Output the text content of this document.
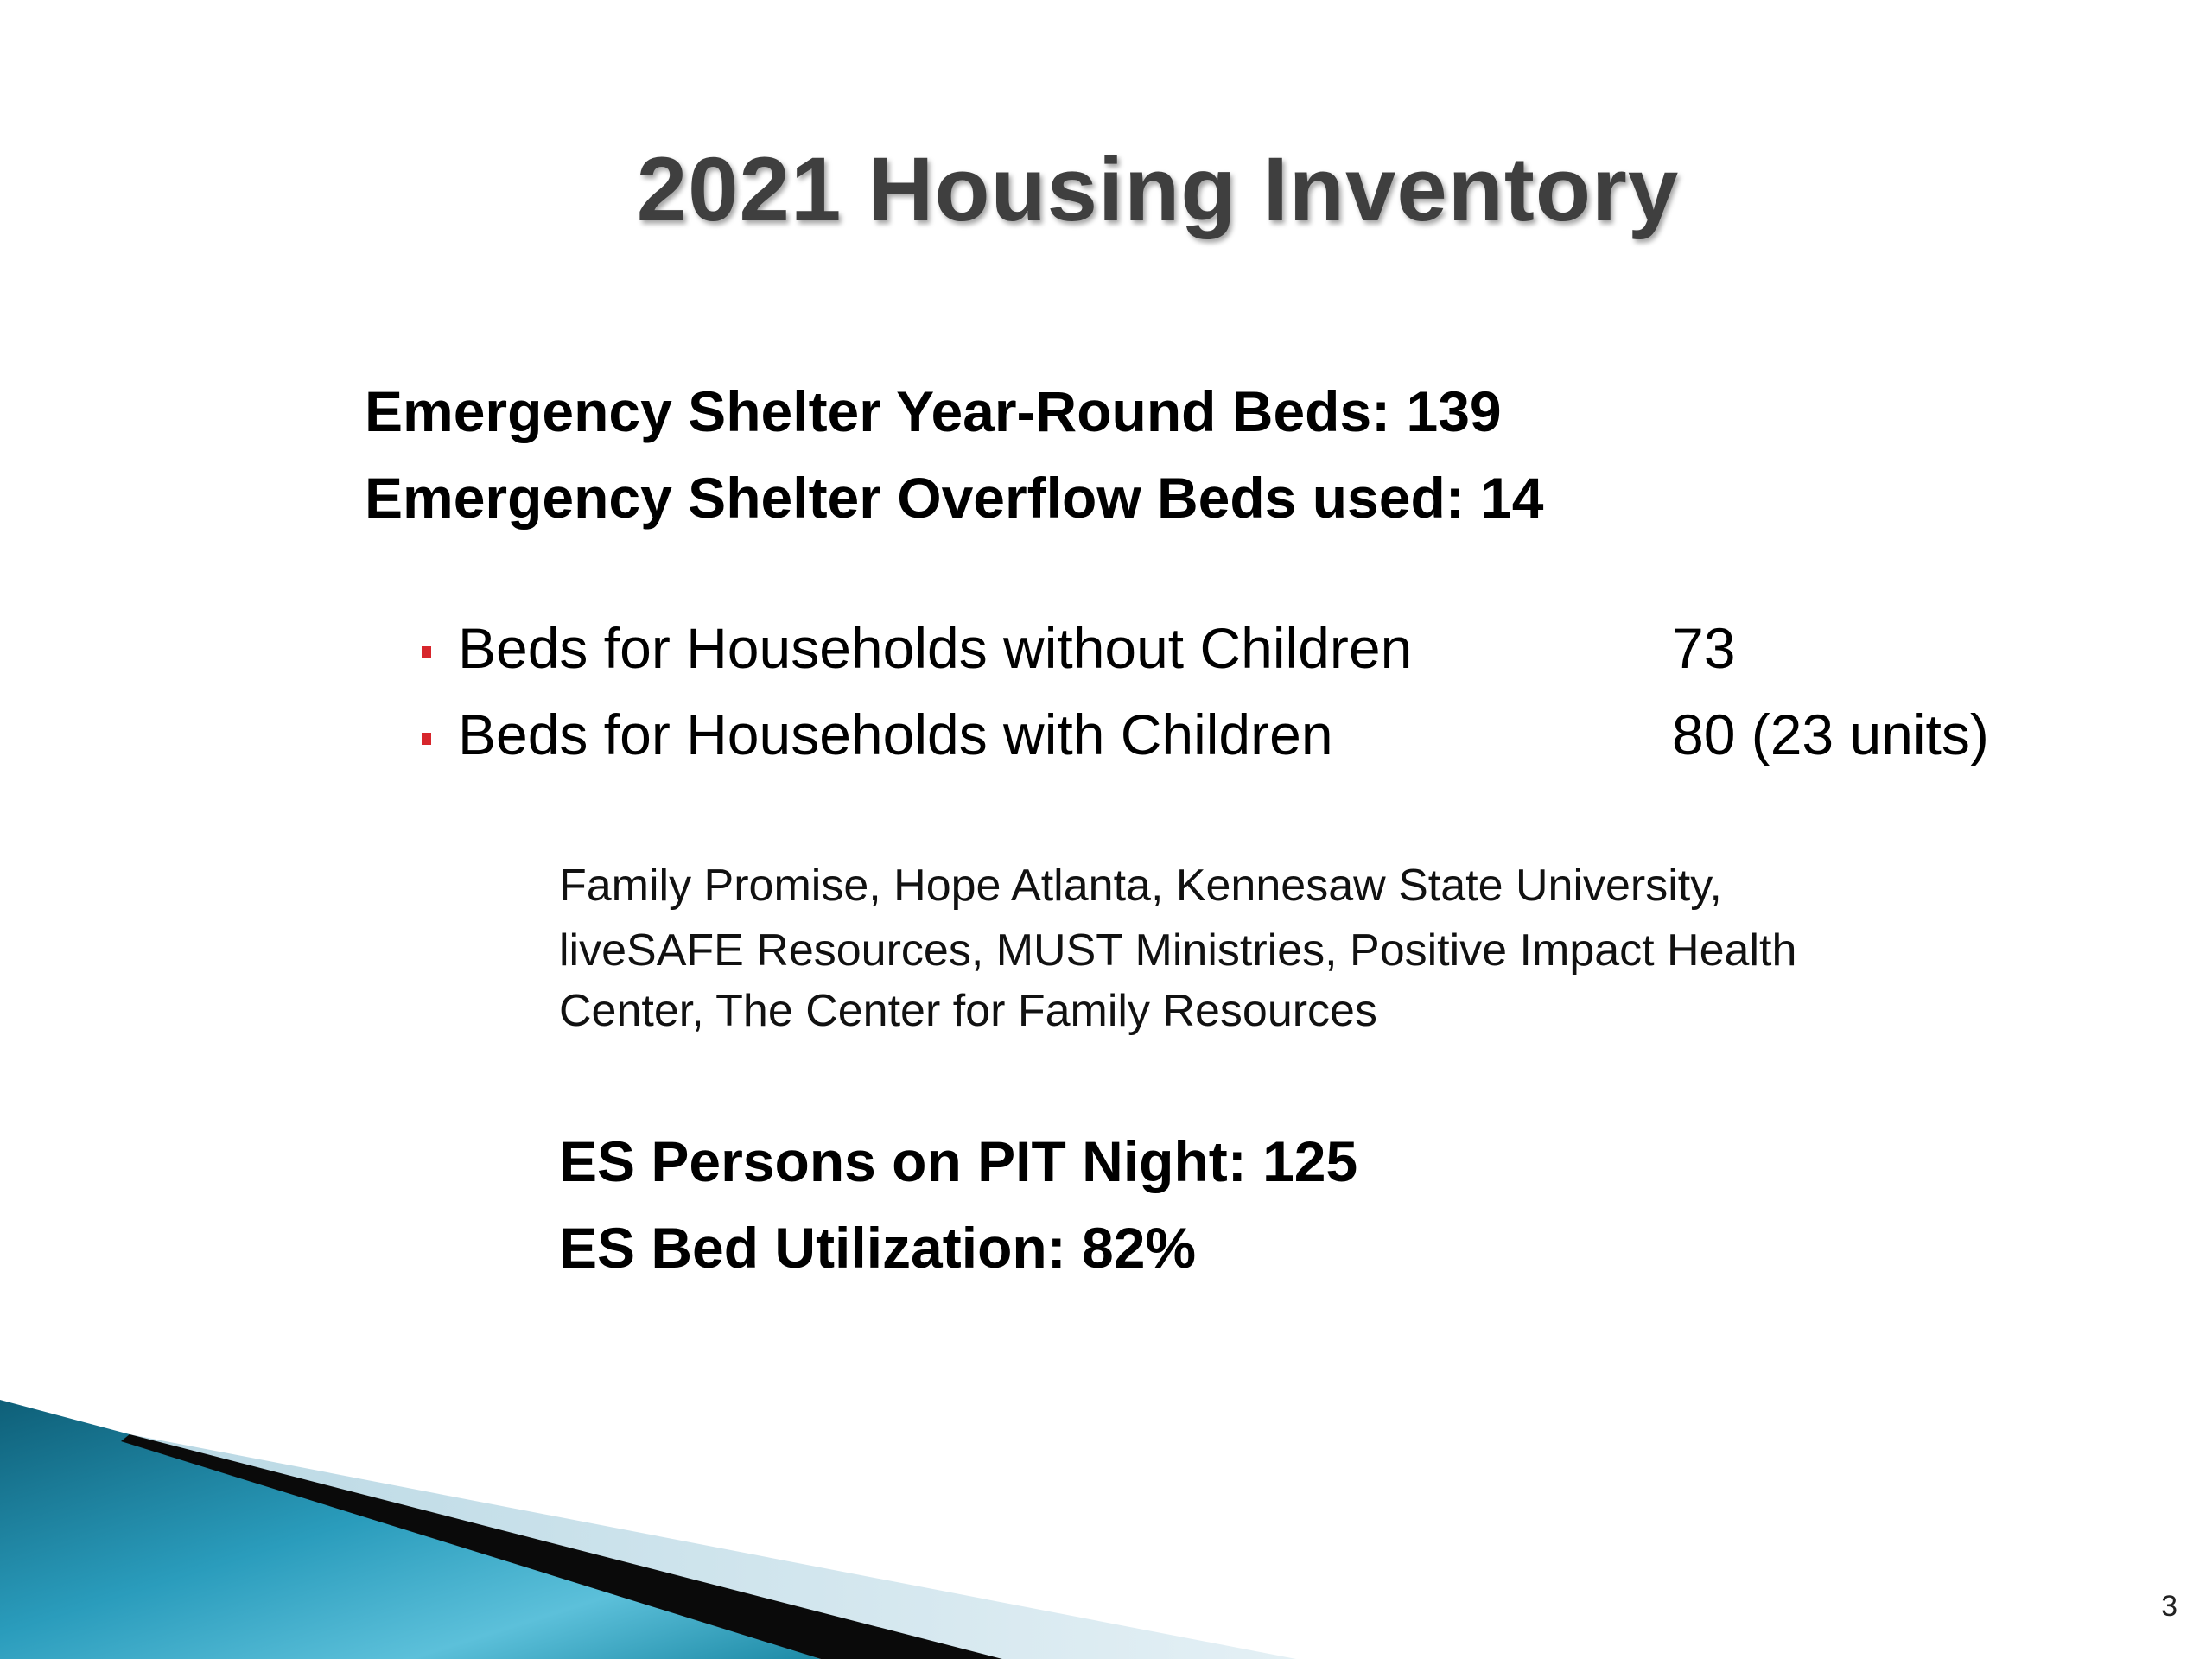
2021 Housing Inventory
Emergency Shelter Year-Round Beds: 139
Emergency Shelter Overflow Beds used: 14
Beds for Households without Children	73
Beds for Households with Children	80 (23 units)
Family Promise, Hope Atlanta, Kennesaw State University,
liveSAFE Resources, MUST Ministries, Positive Impact Health
Center, The Center for Family Resources
ES Persons on PIT Night: 125
ES Bed Utilization: 82%
3
